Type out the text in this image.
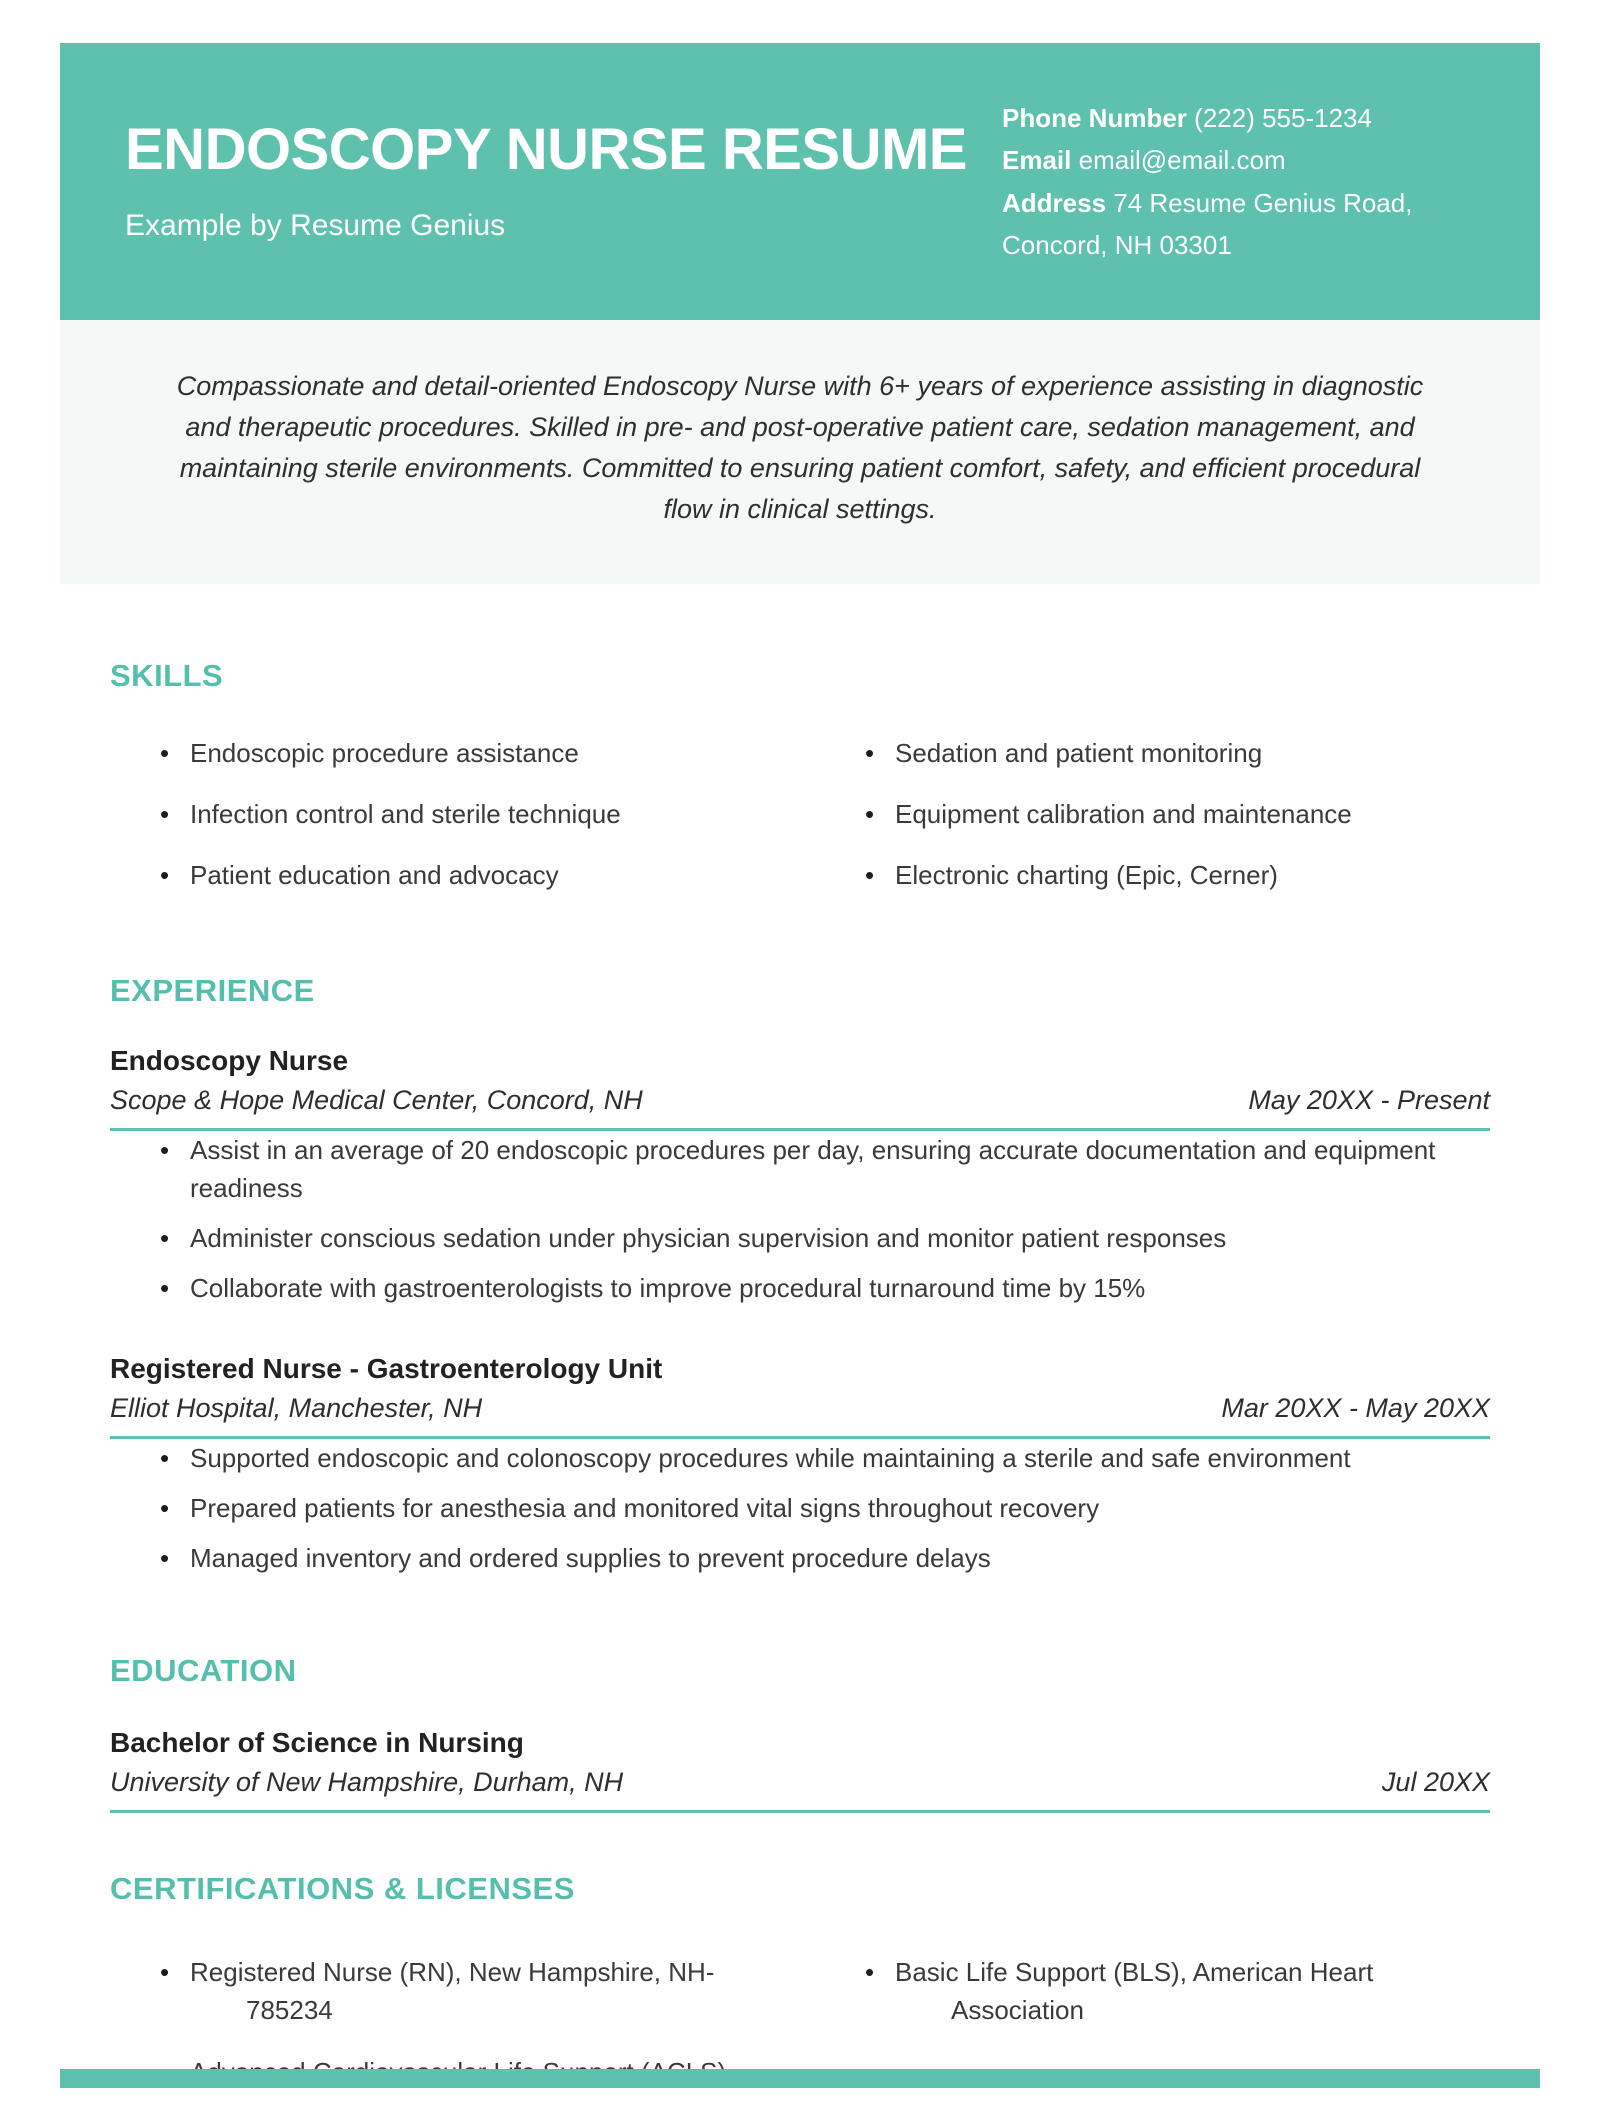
ENDOSCOPY NURSE RESUME
Example by Resume Genius
Phone Number (222) 555-1234
Email email@email.com
Address 74 Resume Genius Road, Concord, NH 03301

Compassionate and detail-oriented Endoscopy Nurse with 6+ years of experience assisting in diagnostic and therapeutic procedures. Skilled in pre- and post-operative patient care, sedation management, and maintaining sterile environments. Committed to ensuring patient comfort, safety, and efficient procedural flow in clinical settings.

SKILLS
• Endoscopic procedure assistance
• Infection control and sterile technique
• Patient education and advocacy
• Sedation and patient monitoring
• Equipment calibration and maintenance
• Electronic charting (Epic, Cerner)
EXPERIENCE
Endoscopy Nurse
Scope & Hope Medical Center, Concord, NH	May 20XX - Present
• Assist in an average of 20 endoscopic procedures per day, ensuring accurate documentation and equipment readiness
• Administer conscious sedation under physician supervision and monitor patient responses
• Collaborate with gastroenterologists to improve procedural turnaround time by 15%
Registered Nurse - Gastroenterology Unit
Elliot Hospital, Manchester, NH	Mar 20XX - May 20XX
• Supported endoscopic and colonoscopy procedures while maintaining a sterile and safe environment
• Prepared patients for anesthesia and monitored vital signs throughout recovery
• Managed inventory and ordered supplies to prevent procedure delays
EDUCATION
Bachelor of Science in Nursing
University of New Hampshire, Durham, NH	Jul 20XX
CERTIFICATIONS & LICENSES
• Registered Nurse (RN), New Hampshire, NH-785234
•
• Basic Life Support (BLS), American Heart Association
